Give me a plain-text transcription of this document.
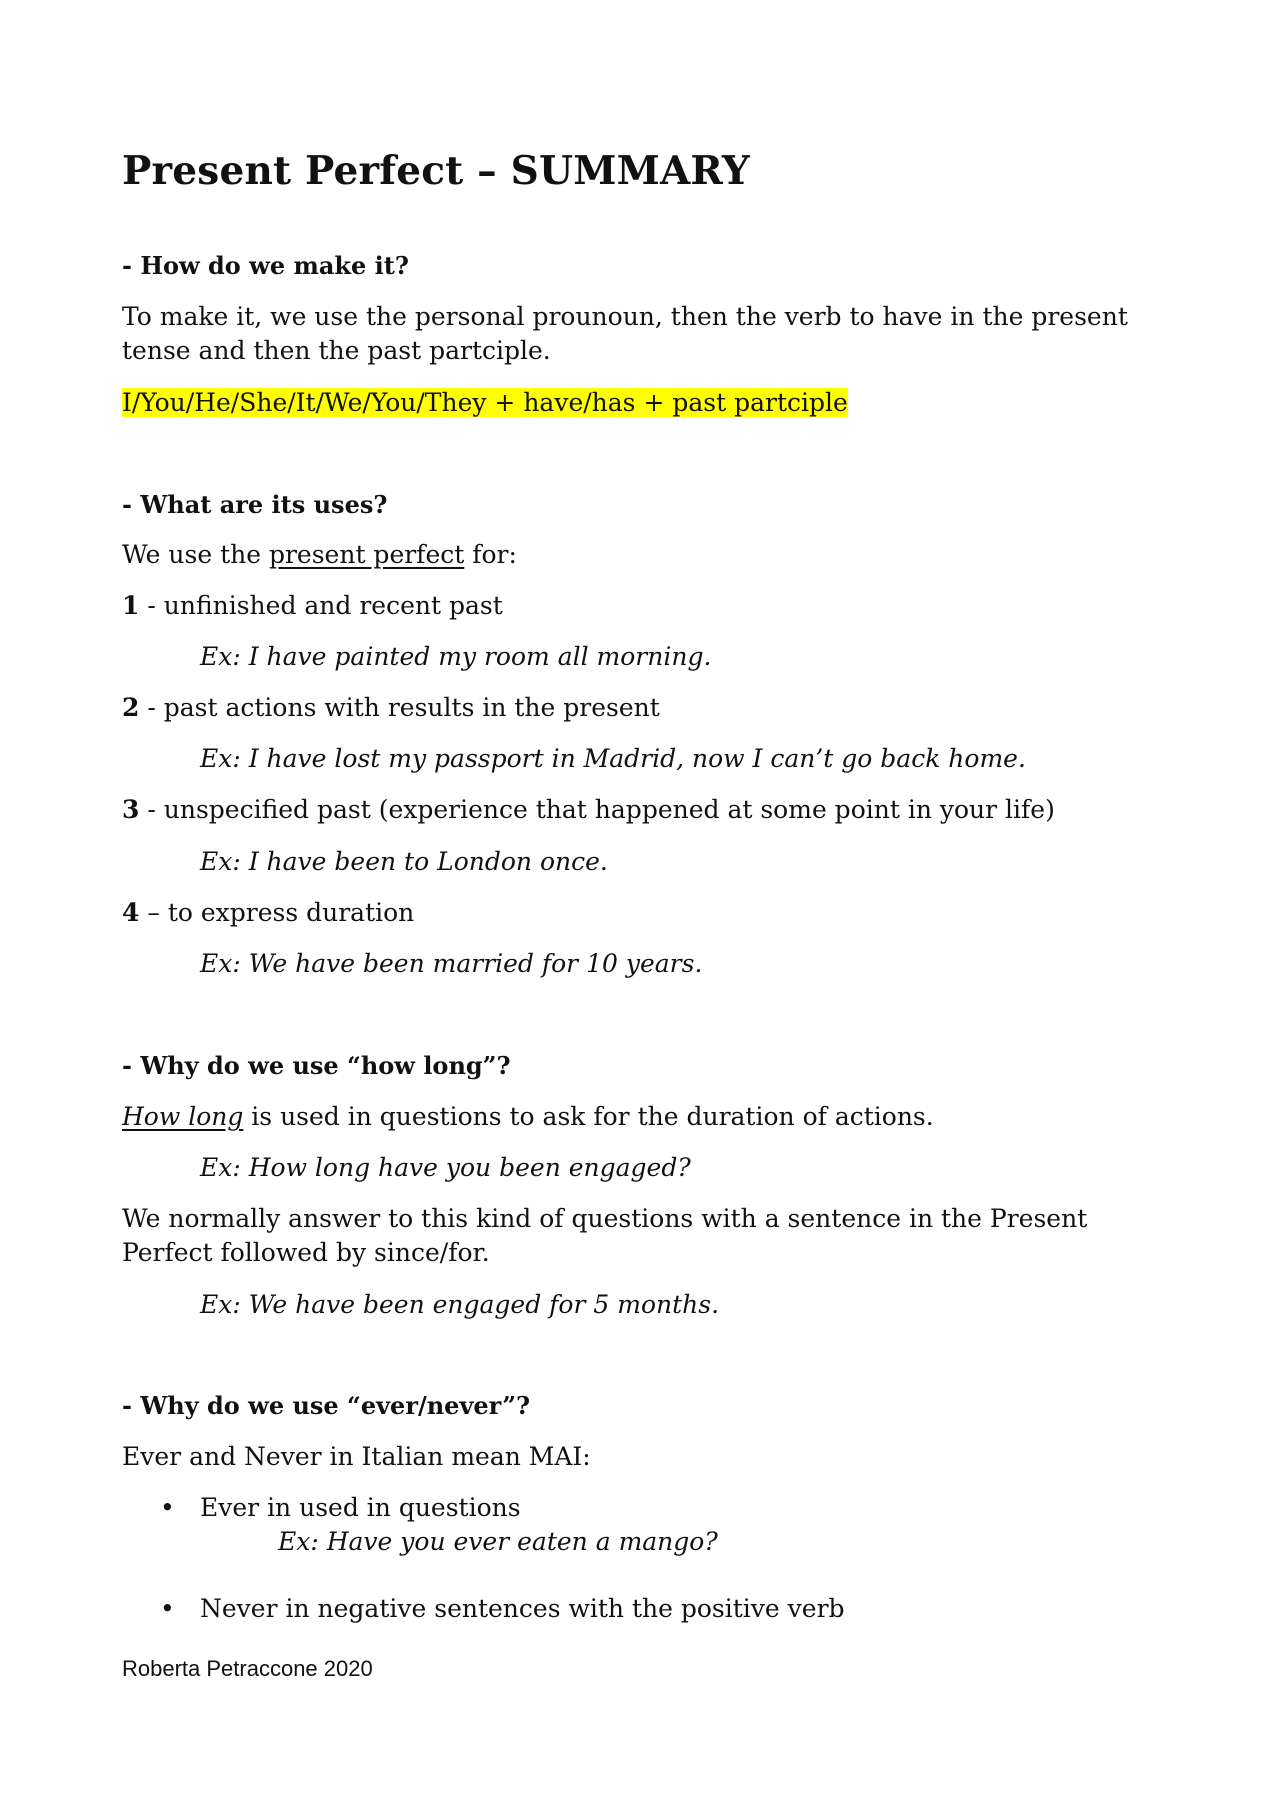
Present Perfect – SUMMARY

- How do we make it?

To make it, we use the personal prounoun, then the verb to have in the present

tense and then the past partciple.

I/You/He/She/It/We/You/They + have/has + past partciple

- What are its uses?

We use the present perfect for:

1 - unfinished and recent past

Ex: I have painted my room all morning.

2 - past actions with results in the present

Ex: I have lost my passport in Madrid, now I can’t go back home.

3 - unspecified past (experience that happened at some point in your life)

Ex: I have been to London once.

4 – to express duration

Ex: We have been married for 10 years.

- Why do we use “how long”?

How long is used in questions to ask for the duration of actions.

Ex: How long have you been engaged?

We normally answer to this kind of questions with a sentence in the Present

Perfect followed by since/for.

Ex: We have been engaged for 5 months.

- Why do we use “ever/never”?

Ever and Never in Italian mean MAI:

• Ever in used in questions

Ex: Have you ever eaten a mango?

• Never in negative sentences with the positive verb

Roberta Petraccone 2020
